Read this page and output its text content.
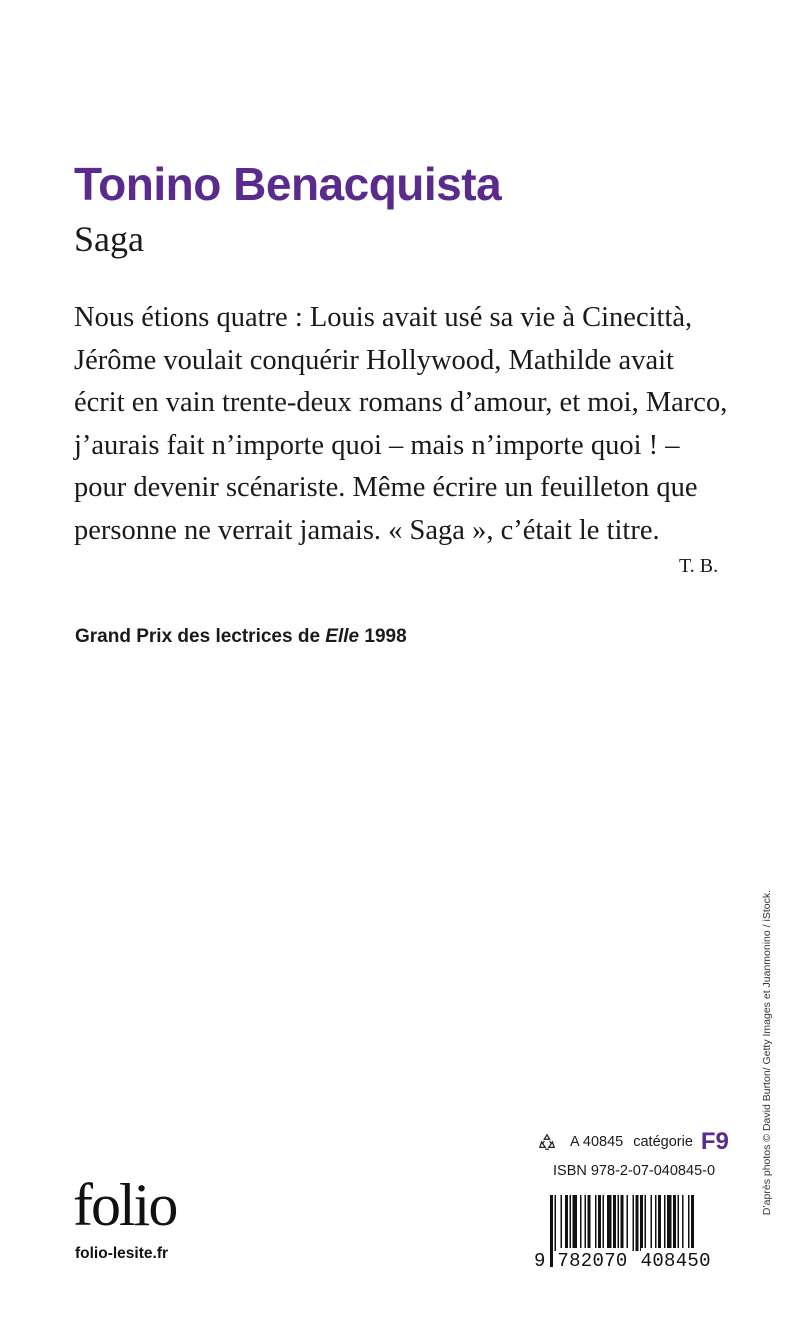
Tonino Benacquista
Saga
Nous étions quatre : Louis avait usé sa vie à Cinecittà,
Jérôme voulait conquérir Hollywood, Mathilde avait
écrit en vain trente-deux romans d’amour, et moi, Marco,
j’aurais fait n’importe quoi – mais n’importe quoi ! –
pour devenir scénariste. Même écrire un feuilleton que
personne ne verrait jamais. « Saga », c’était le titre.
T. B.
Grand Prix des lectrices de Elle 1998
D’après photos © David Burton/ Getty Images et Juanmonino / iStock.
A 40845 catégorie F9
ISBN 978-2-07-040845-0
9 782070 408450
folio
folio-lesite.fr
